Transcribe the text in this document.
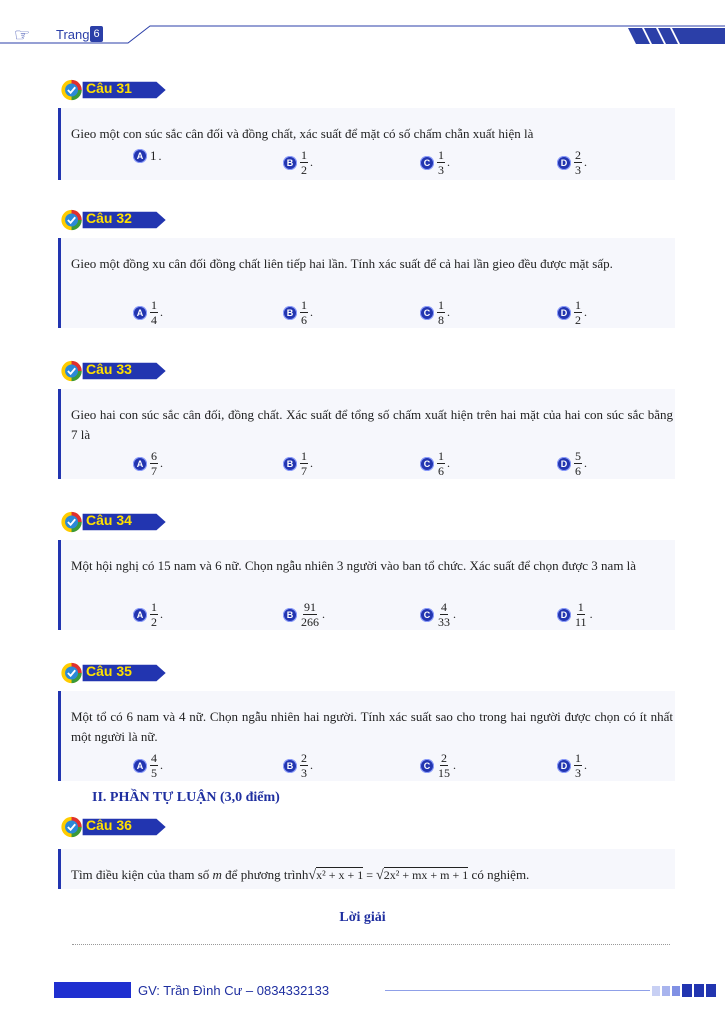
☞ Trang 6
Câu 31
Gieo một con súc sắc cân đối và đồng chất, xác suất để mặt có số chấm chẵn xuất hiện là
A 1 .	B $\frac{1}{2}$ .	C $\frac{1}{3}$ .	D $\frac{2}{3}$ .
Câu 32
Gieo một đồng xu cân đối đồng chất liên tiếp hai lần. Tính xác suất để cả hai lần gieo đều được mặt sấp.
A $\frac{1}{4}$ .	B $\frac{1}{6}$ .	C $\frac{1}{8}$ .	D $\frac{1}{2}$ .
Câu 33
Gieo hai con súc sắc cân đối, đồng chất. Xác suất để tổng số chấm xuất hiện trên hai mặt của hai con súc sắc bằng 7 là
A $\frac{6}{7}$ .	B $\frac{1}{7}$ .	C $\frac{1}{6}$ .	D $\frac{5}{6}$ .
Câu 34
Một hội nghị có 15 nam và 6 nữ. Chọn ngẫu nhiên 3 người vào ban tổ chức. Xác suất để chọn được 3 nam là
A $\frac{1}{2}$ .	B $\frac{91}{266}$ .	C $\frac{4}{33}$ .	D $\frac{1}{11}$ .
Câu 35
Một tổ có 6 nam và 4 nữ. Chọn ngẫu nhiên hai người. Tính xác suất sao cho trong hai người được chọn có ít nhất một người là nữ.
A $\frac{4}{5}$ .	B $\frac{2}{3}$ .	C $\frac{2}{15}$ .	D $\frac{1}{3}$ .
II. PHẦN TỰ LUẬN (3,0 điểm)
Câu 36
Tìm điều kiện của tham số m để phương trình√x² + x + 1 = √2x² + mx + m + 1 có nghiệm.
Lời giải
GV: Trần Đình Cư – 0834332133
